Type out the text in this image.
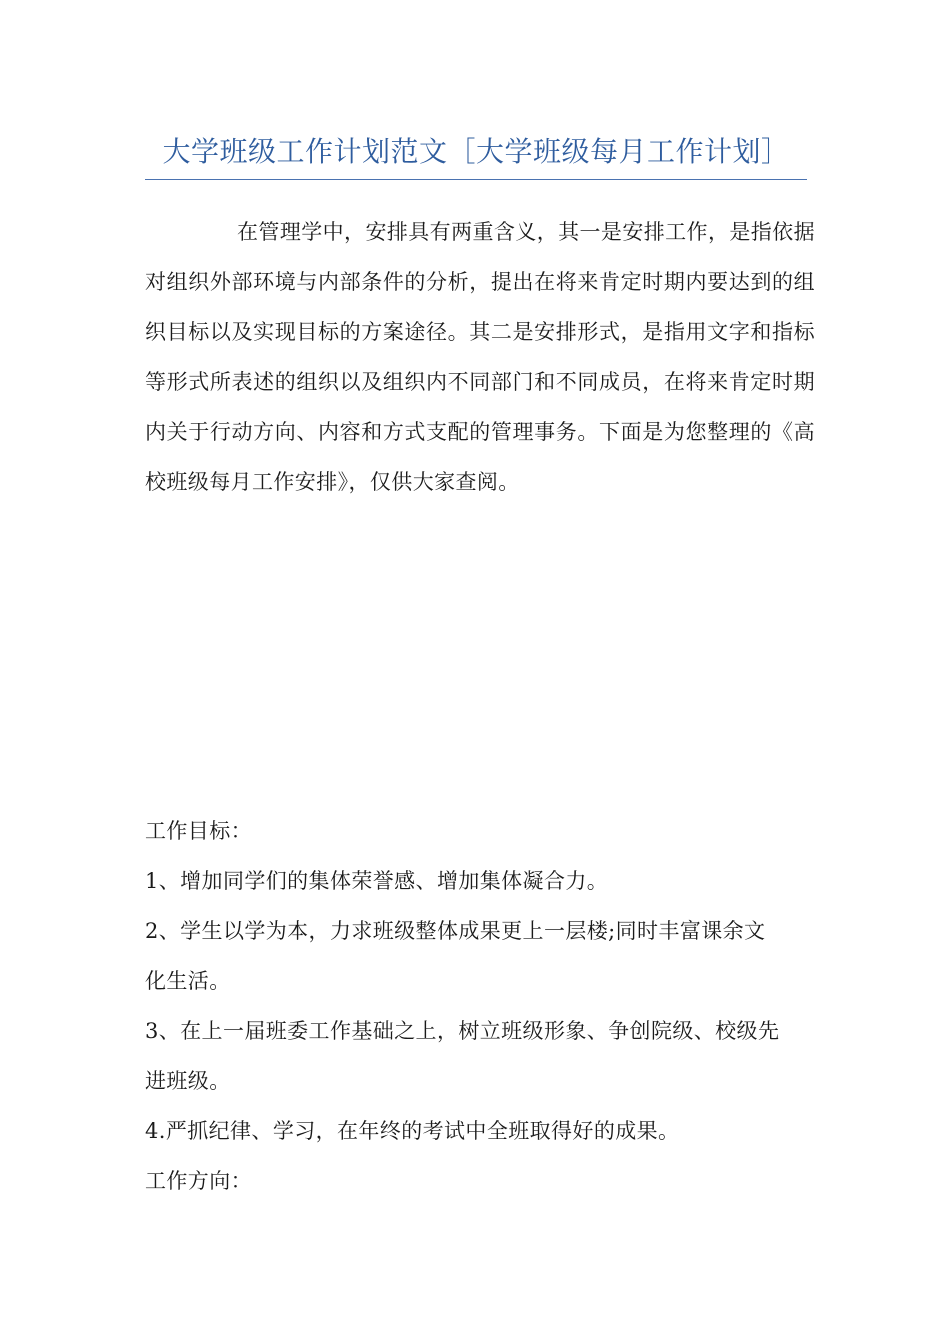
大学班级工作计划范文［大学班级每月工作计划］

在管理学中，安排具有两重含义，其一是安排工作，是指依据对组织外部环境与内部条件的分析，提出在将来肯定时期内要达到的组织目标以及实现目标的方案途径。其二是安排形式，是指用文字和指标等形式所表述的组织以及组织内不同部门和不同成员，在将来肯定时期内关于行动方向、内容和方式支配的管理事务。下面是为您整理的《高校班级每月工作安排》，仅供大家查阅。

工作目标：
1、增加同学们的集体荣誉感、增加集体凝合力。
2、学生以学为本，力求班级整体成果更上一层楼;同时丰富课余文
化生活。
3、在上一届班委工作基础之上，树立班级形象、争创院级、校级先
进班级。
4.严抓纪律、学习，在年终的考试中全班取得好的成果。
工作方向：
